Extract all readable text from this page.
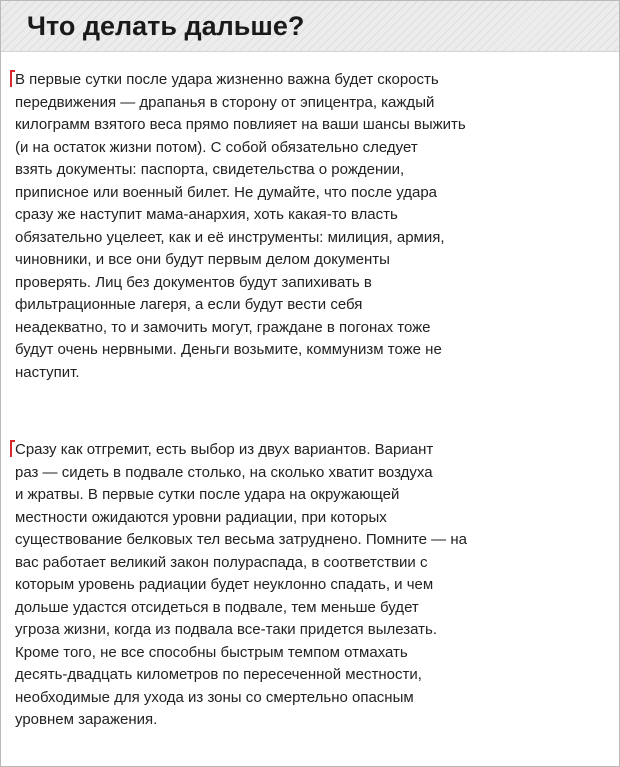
Что делать дальше?
В первые сутки после удара жизненно важна будет скорость
передвижения — драпанья в сторону от эпицентра, каждый
килограмм взятого веса прямо повлияет на ваши шансы выжить
(и на остаток жизни потом). С собой обязательно следует
взять документы: паспорта, свидетельства о рождении,
приписное или военный билет. Не думайте, что после удара
сразу же наступит мама-анархия, хоть какая-то власть
обязательно уцелеет, как и её инструменты: милиция, армия,
чиновники, и все они будут первым делом документы
проверять. Лиц без документов будут запихивать в
фильтрационные лагеря, а если будут вести себя
неадекватно, то и замочить могут, граждане в погонах тоже
будут очень нервными. Деньги возьмите, коммунизм тоже не
наступит.
Сразу как отгремит, есть выбор из двух вариантов. Вариант
раз — сидеть в подвале столько, на сколько хватит воздуха
и жратвы. В первые сутки после удара на окружающей
местности ожидаются уровни радиации, при которых
существование белковых тел весьма затруднено. Помните — на
вас работает великий закон полураспада, в соответствии с
которым уровень радиации будет неуклонно спадать, и чем
дольше удастся отсидеться в подвале, тем меньше будет
угроза жизни, когда из подвала все-таки придется вылезать.
Кроме того, не все способны быстрым темпом отмахать
десять-двадцать километров по пересеченной местности,
необходимые для ухода из зоны со смертельно опасным
уровнем заражения.
